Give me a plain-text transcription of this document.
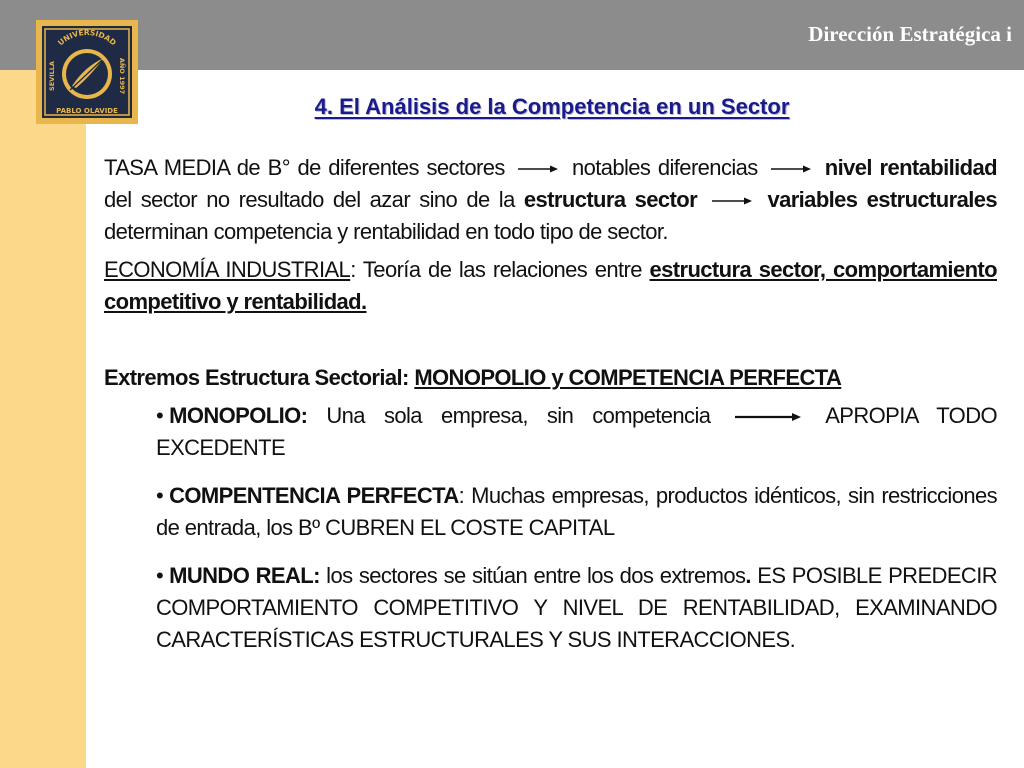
Dirección Estratégica i
UNIVERSIDAD
SEVILLA	AÑO 1997
PABLO OLAVIDE	4. El Análisis de la Competencia en un Sector

TASA MEDIA de B° de diferentes sectores	notables diferencias	nivel rentabilidad del sector no resultado del azar sino de la estructura sector	variables estructurales determinan competencia y rentabilidad en todo tipo de sector.

ECONOMÍA INDUSTRIAL: Teoría de las relaciones entre estructura sector, comportamiento competitivo y rentabilidad.

Extremos Estructura Sectorial: MONOPOLIO y COMPETENCIA PERFECTA

• MONOPOLIO: Una sola empresa, sin competencia	APROPIA TODO EXCEDENTE
• COMPENTENCIA PERFECTA: Muchas empresas, productos idénticos, sin restricciones de entrada, los Bº CUBREN EL COSTE CAPITAL
• MUNDO REAL: los sectores se sitúan entre los dos extremos. ES POSIBLE PREDECIR COMPORTAMIENTO COMPETITIVO Y NIVEL DE RENTABILIDAD, EXAMINANDO CARACTERÍSTICAS ESTRUCTURALES Y SUS INTERACCIONES.
